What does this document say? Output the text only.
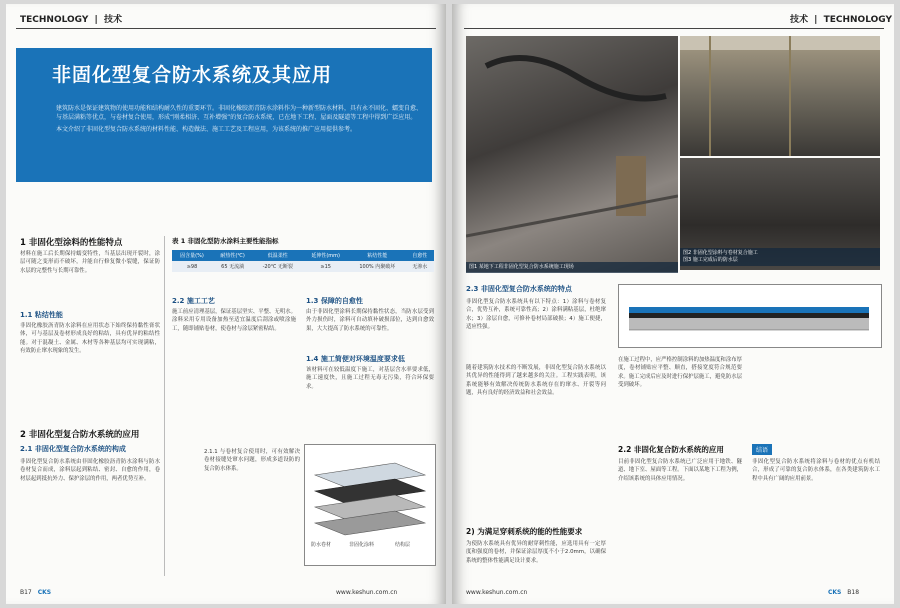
TECHNOLOGY | 技术
非固化型复合防水系统及其应用
建筑防水是保证建筑物的使用功能和结构耐久性的重要环节。非固化橡胶沥青防水涂料作为一种新型防水材料，具有永不固化、蠕变自愈、与基层满粘等优点，与卷材复合使用，形成“刚柔相济、互补增强”的复合防水系统，已在地下工程、屋面及隧道等工程中得到广泛应用。
本文介绍了非固化型复合防水系统的材料性能、构造做法、施工工艺及工程应用，为该系统的推广应用提供参考。
1 非固化型涂料的性能特点
材料在施工后长期保持蠕变特性，当基层出现开裂时，涂层可随之变形而不破坏，并能自行修复微小裂缝，保证防水层的完整性与长期可靠性。
1.1 粘结性能
非固化橡胶沥青防水涂料在应用状态下始终保持黏性膏状体，可与基层及卷材形成良好的粘结，具有优异的粘结性能。对于混凝土、金属、木材等各种基层均可实现满粘，有效防止窜水现象的发生。
2 非固化型复合防水系统的应用
2.1 非固化型复合防水系统的构成
非固化型复合防水系统由非固化橡胶沥青防水涂料与防水卷材复合而成，涂料层起到粘结、密封、自愈的作用，卷材层起到抵抗外力、保护涂层的作用，两者优势互补。
表 1 非固化型防水涂料主要性能指标
固含量(%)	耐热性(℃)	低温柔性	延伸性(mm)	粘结性能	自愈性
≥98	65 无流淌	-20℃ 无断裂	≥15	100% 内聚破坏	无渗水
2.2 施工工艺
施工前应清理基层，保证基层坚实、平整、无明水。涂料采用专用设备加热至适宜温度后刮涂或喷涂施工，随即铺贴卷材，使卷材与涂层紧密粘结。
1.3 保障的自愈性
由于非固化型涂料长期保持黏性状态，当防水层受到外力损伤时，涂料可自动填补破损部位，达到自愈效果，大大提高了防水系统的可靠性。
1.4 施工简便对环境温度要求低
该材料可在较低温度下施工，对基层含水率要求低，施工速度快，且施工过程无毒无污染，符合环保要求。
2.1.1 与卷材复合使用时，可有效解决卷材接缝处窜水问题，形成多道设防的复合防水体系。
防水卷材	非固化涂料	结构层
B17 CKS	www.keshun.com.cn
技术 | TECHNOLOGY
图1 某地下工程非固化型复合防水系统施工现场
图2 非固化型涂料与卷材复合施工
图3 施工完成后的防水层
2.3 非固化型复合防水系统的特点
非固化型复合防水系统具有以下特点：1）涂料与卷材复合，优势互补，系统可靠性高；2）涂料满粘基层，杜绝窜水；3）涂层自愈，可修补卷材局部破损；4）施工便捷，适应性强。
随着建筑防水技术的不断发展，非固化型复合防水系统以其优异的性能得到了越来越多的关注。工程实践表明，该系统能够有效解决传统防水系统存在的窜水、开裂等问题，具有良好的经济效益和社会效益。
2) 为满足穿刺系统的能的性能要求
为使防水系统具有优异的耐穿刺性能，应选用具有一定厚度和强度的卷材，并保证涂层厚度不小于2.0mm，以确保系统的整体性能满足设计要求。
在施工过程中，应严格控制涂料的加热温度和涂布厚度，卷材铺贴应平整、顺直，搭接宽度符合规范要求。施工完成后应及时进行保护层施工，避免防水层受到破坏。
2.2 非固化复合防水系统的应用
目前非固化型复合防水系统已广泛应用于地铁、隧道、地下室、屋面等工程。下面以某地下工程为例，介绍该系统的具体应用情况。
结语
非固化型复合防水系统将涂料与卷材的优点有机结合，形成了可靠的复合防水体系，在各类建筑防水工程中具有广阔的应用前景。
www.keshun.com.cn	CKS B18
